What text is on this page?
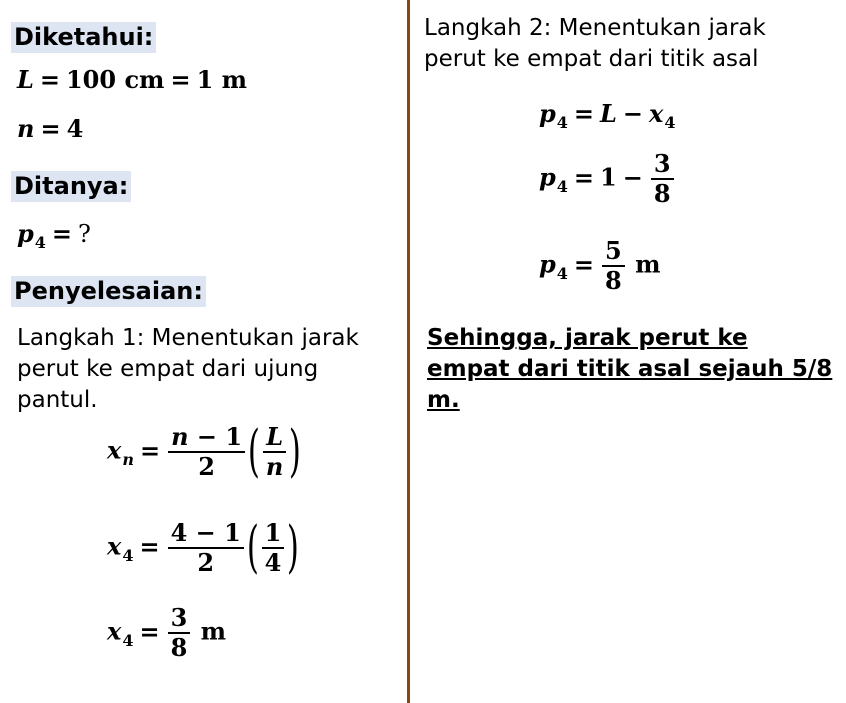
Diketahui:
L = 100 cm = 1 m
n = 4
Ditanya:
$p_4$ = ?
Penyelesaian:
Langkah 1: Menentukan jarak perut ke empat dari ujung pantul.
$x_n = \frac{n - 1}{2}$ ( $\frac{L}{n}$ )
$x_4 = \frac{4 - 1}{2}$ ( $\frac{1}{4}$ )
$x_4 = \frac{3}{8}$ m
Langkah 2: Menentukan jarak perut ke empat dari titik asal
$p_4 = L - x_4$
$p_4 = 1 - \frac{3}{8}$
$p_4 = \frac{5}{8}$ m
Sehingga, jarak perut ke empat dari titik asal sejauh 5/8 m.
